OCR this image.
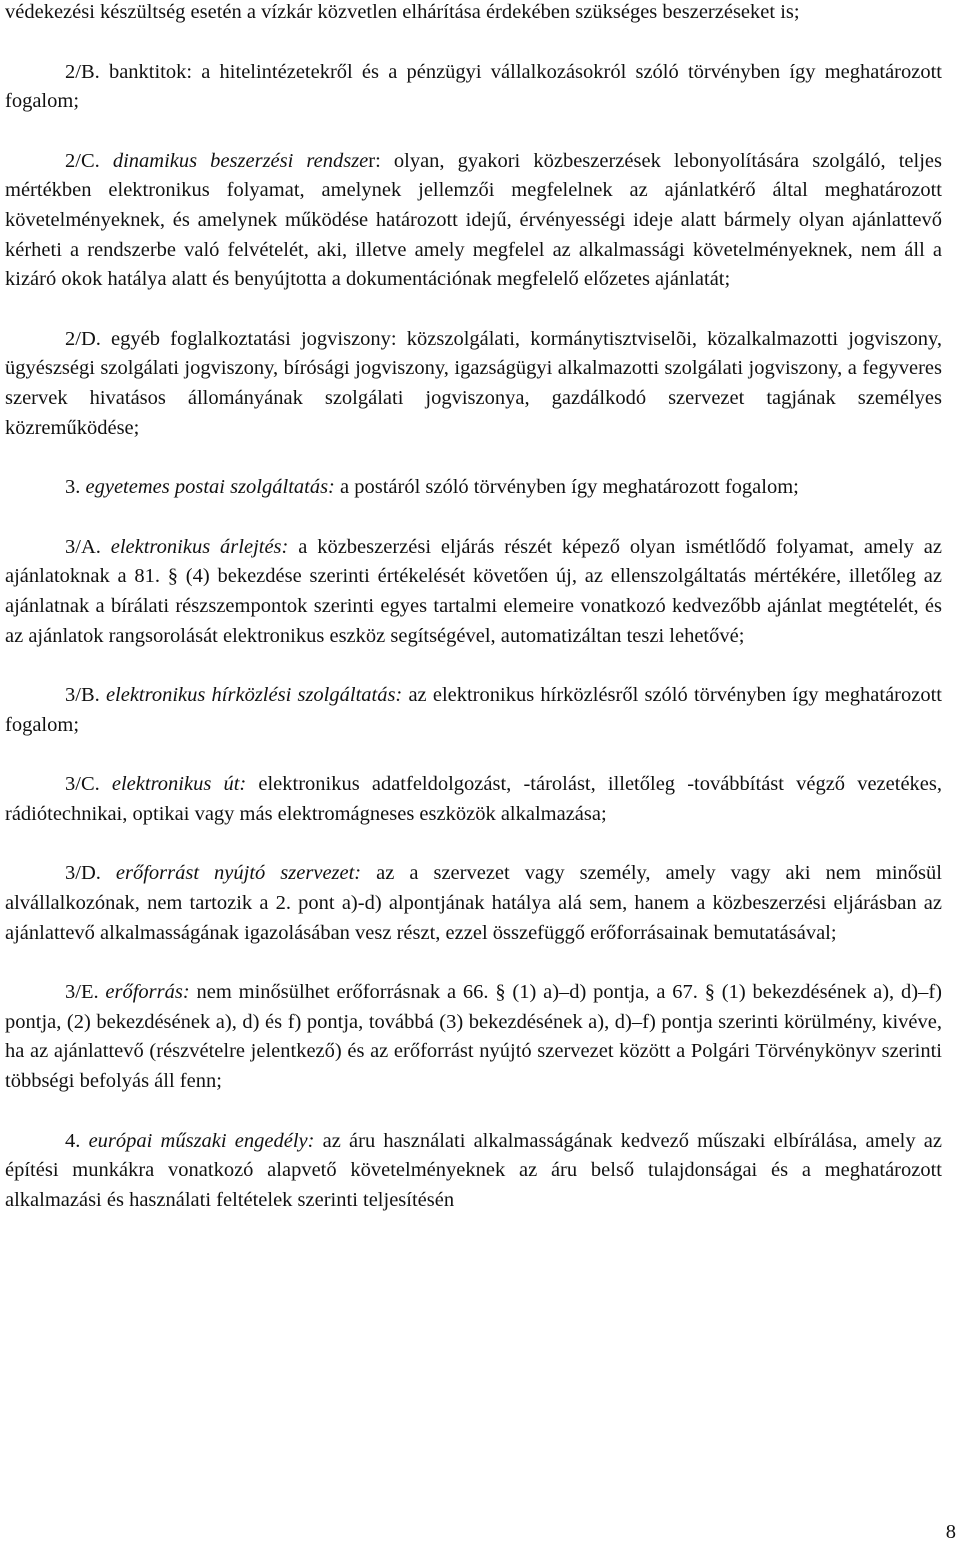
védekezési készültség esetén a vízkár közvetlen elhárítása érdekében szükséges beszerzéseket is;

2/B. banktitok: a hitelintézetekről és a pénzügyi vállalkozásokról szóló törvényben így meghatározott fogalom;

2/C. dinamikus beszerzési rendszer: olyan, gyakori közbeszerzések lebonyolítására szolgáló, teljes mértékben elektronikus folyamat, amelynek jellemzői megfelelnek az ajánlatkérő által meghatározott követelményeknek, és amelynek működése határozott idejű, érvényességi ideje alatt bármely olyan ajánlattevő kérheti a rendszerbe való felvételét, aki, illetve amely megfelel az alkalmassági követelményeknek, nem áll a kizáró okok hatálya alatt és benyújtotta a dokumentációnak megfelelő előzetes ajánlatát;

2/D. egyéb foglalkoztatási jogviszony: közszolgálati, kormánytisztviselõi, közalkalmazotti jogviszony, ügyészségi szolgálati jogviszony, bírósági jogviszony, igazságügyi alkalmazotti szolgálati jogviszony, a fegyveres szervek hivatásos állományának szolgálati jogviszonya, gazdálkodó szervezet tagjának személyes közreműködése;

3. egyetemes postai szolgáltatás: a postáról szóló törvényben így meghatározott fogalom;

3/A. elektronikus árlejtés: a közbeszerzési eljárás részét képező olyan ismétlődő folyamat, amely az ajánlatoknak a 81. § (4) bekezdése szerinti értékelését követően új, az ellenszolgáltatás mértékére, illetőleg az ajánlatnak a bírálati részszempontok szerinti egyes tartalmi elemeire vonatkozó kedvezőbb ajánlat megtételét, és az ajánlatok rangsorolását elektronikus eszköz segítségével, automatizáltan teszi lehetővé;

3/B. elektronikus hírközlési szolgáltatás: az elektronikus hírközlésről szóló törvényben így meghatározott fogalom;

3/C. elektronikus út: elektronikus adatfeldolgozást, -tárolást, illetőleg -továbbítást végző vezetékes, rádiótechnikai, optikai vagy más elektromágneses eszközök alkalmazása;

3/D. erőforrást nyújtó szervezet: az a szervezet vagy személy, amely vagy aki nem minősül alvállalkozónak, nem tartozik a 2. pont a)-d) alpontjának hatálya alá sem, hanem a közbeszerzési eljárásban az ajánlattevő alkalmasságának igazolásában vesz részt, ezzel összefüggő erőforrásainak bemutatásával;

3/E. erőforrás: nem minősülhet erőforrásnak a 66. § (1) a)–d) pontja, a 67. § (1) bekezdésének a), d)–f) pontja, (2) bekezdésének a), d) és f) pontja, továbbá (3) bekezdésének a), d)–f) pontja szerinti körülmény, kivéve, ha az ajánlattevő (részvételre jelentkező) és az erőforrást nyújtó szervezet között a Polgári Törvénykönyv szerinti többségi befolyás áll fenn;

4. európai műszaki engedély: az áru használati alkalmasságának kedvező műszaki elbírálása, amely az építési munkákra vonatkozó alapvető követelményeknek az áru belső tulajdonságai és a meghatározott alkalmazási és használati feltételek szerinti teljesítésén

8
